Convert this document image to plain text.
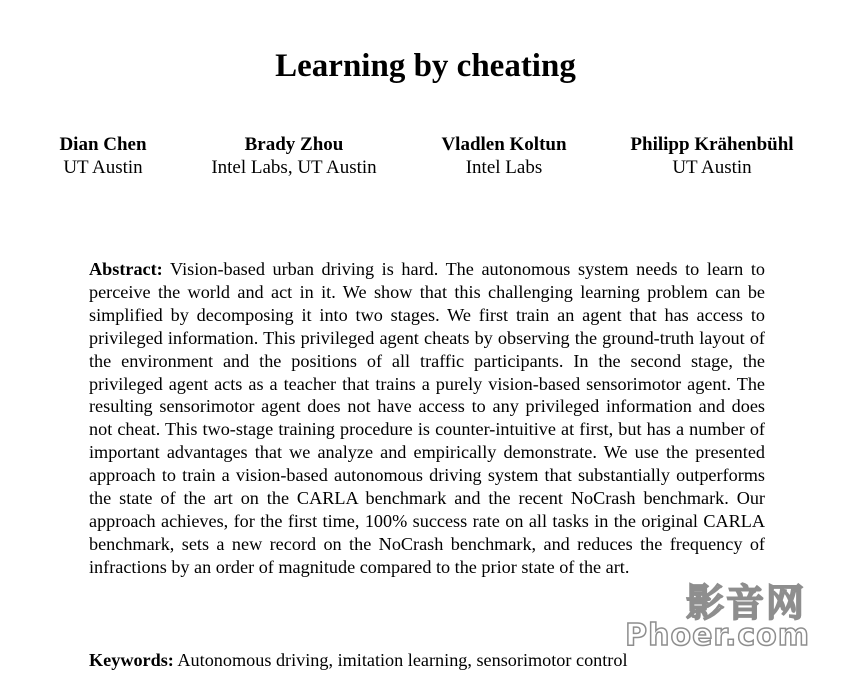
Learning by cheating
Dian Chen
UT Austin
Brady Zhou
Intel Labs, UT Austin
Vladlen Koltun
Intel Labs
Philipp Krähenbühl
UT Austin

Abstract: Vision-based urban driving is hard. The autonomous system needs to learn to perceive the world and act in it. We show that this challenging learning problem can be simplified by decomposing it into two stages. We first train an agent that has access to privileged information. This privileged agent cheats by observing the ground-truth layout of the environment and the positions of all traffic participants. In the second stage, the privileged agent acts as a teacher that trains a purely vision-based sensorimotor agent. The resulting sensorimotor agent does not have access to any privileged information and does not cheat. This two-stage training procedure is counter-intuitive at first, but has a number of important advantages that we analyze and empirically demonstrate. We use the presented approach to train a vision-based autonomous driving system that substantially outperforms the state of the art on the CARLA benchmark and the recent NoCrash benchmark. Our approach achieves, for the first time, 100% success rate on all tasks in the original CARLA benchmark, sets a new record on the NoCrash benchmark, and reduces the frequency of infractions by an order of magnitude compared to the prior state of the art.

Keywords: Autonomous driving, imitation learning, sensorimotor control

影音网
Phoer.com
